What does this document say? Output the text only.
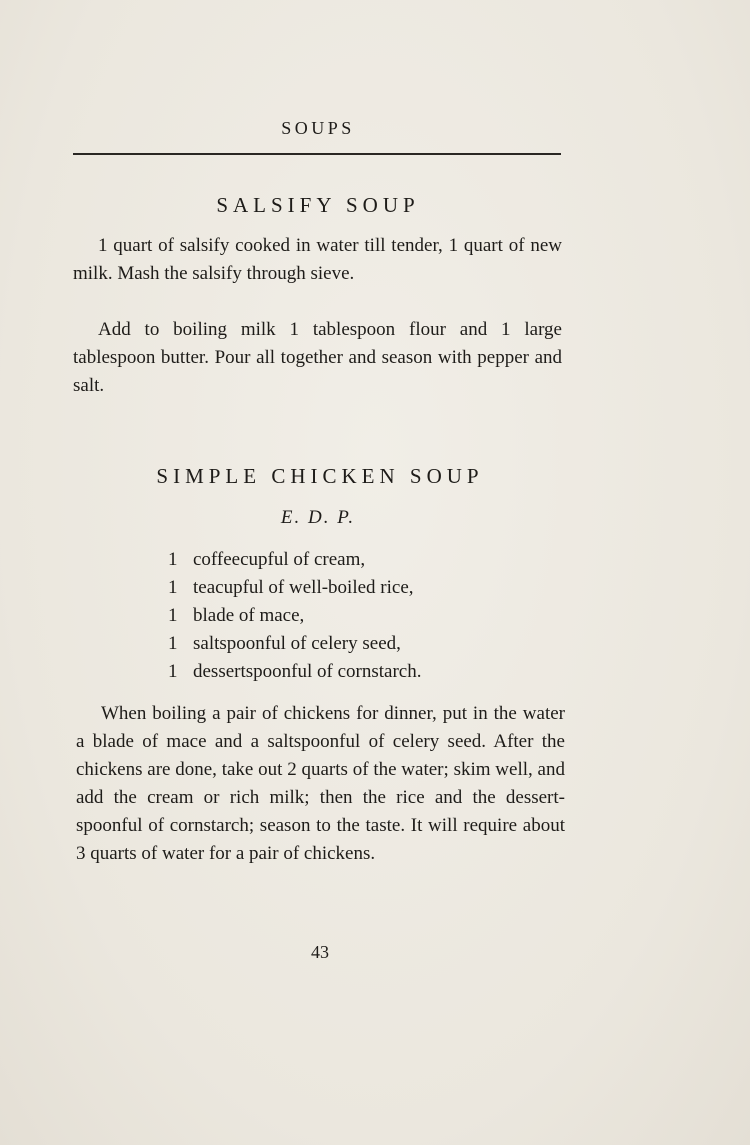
SOUPS
SALSIFY SOUP

1 quart of salsify cooked in water till tender, 1 quart of new milk. Mash the salsify through sieve.

Add to boiling milk 1 tablespoon flour and 1 large tablespoon butter. Pour all together and season with pepper and salt.

SIMPLE CHICKEN SOUP
E. D. P.
1 coffeecupful of cream,
1 teacupful of well-boiled rice,
1 blade of mace,
1 saltspoonful of celery seed,
1 dessertspoonful of cornstarch.

When boiling a pair of chickens for dinner, put in the water a blade of mace and a saltspoonful of celery seed. After the chickens are done, take out 2 quarts of the water; skim well, and add the cream or rich milk; then the rice and the dessert-spoonful of cornstarch; season to the taste. It will require about 3 quarts of water for a pair of chickens.

43
